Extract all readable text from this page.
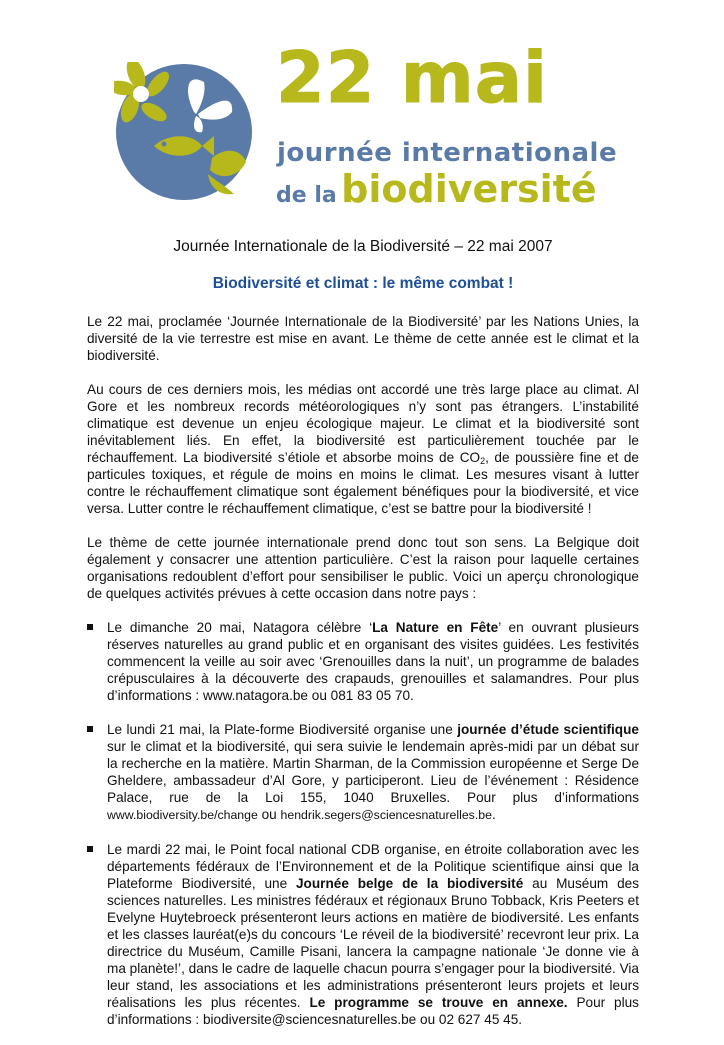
22 mai
journée internationale
de la biodiversité
Journée Internationale de la Biodiversité – 22 mai 2007
Biodiversité et climat : le même combat !

Le 22 mai, proclamée ‘Journée Internationale de la Biodiversité’ par les Nations Unies, la diversité de la vie terrestre est mise en avant. Le thème de cette année est le climat et la biodiversité.

Au cours de ces derniers mois, les médias ont accordé une très large place au climat. Al Gore et les nombreux records météorologiques n’y sont pas étrangers. L’instabilité climatique est devenue un enjeu écologique majeur. Le climat et la biodiversité sont inévitablement liés. En effet, la biodiversité est particulièrement touchée par le réchauffement. La biodiversité s’étiole et absorbe moins de $CO_2$, de poussière fine et de particules toxiques, et régule de moins en moins le climat. Les mesures visant à lutter contre le réchauffement climatique sont également bénéfiques pour la biodiversité, et vice versa. Lutter contre le réchauffement climatique, c’est se battre pour la biodiversité !

Le thème de cette journée internationale prend donc tout son sens. La Belgique doit également y consacrer une attention particulière. C’est la raison pour laquelle certaines organisations redoublent d’effort pour sensibiliser le public. Voici un aperçu chronologique de quelques activités prévues à cette occasion dans notre pays :

Le dimanche 20 mai, Natagora célèbre ‘La Nature en Fête’ en ouvrant plusieurs réserves naturelles au grand public et en organisant des visites guidées. Les festivités commencent la veille au soir avec ‘Grenouilles dans la nuit’, un programme de balades crépusculaires à la découverte des crapauds, grenouilles et salamandres. Pour plus d’informations : www.natagora.be ou 081 83 05 70.
Le lundi 21 mai, la Plate-forme Biodiversité organise une journée d’étude scientifique sur le climat et la biodiversité, qui sera suivie le lendemain après-midi par un débat sur la recherche en la matière. Martin Sharman, de la Commission européenne et Serge De Gheldere, ambassadeur d’Al Gore, y participeront. Lieu de l’événement : Résidence Palace, rue de la Loi 155, 1040 Bruxelles. Pour plus d’informations www.biodiversity.be/change ou hendrik.segers@sciencesnaturelles.be.
Le mardi 22 mai, le Point focal national CDB organise, en étroite collaboration avec les départements fédéraux de l’Environnement et de la Politique scientifique ainsi que la Plateforme Biodiversité, une Journée belge de la biodiversité au Muséum des sciences naturelles. Les ministres fédéraux et régionaux Bruno Tobback, Kris Peeters et Evelyne Huytebroeck présenteront leurs actions en matière de biodiversité. Les enfants et les classes lauréat(e)s du concours ‘Le réveil de la biodiversité’ recevront leur prix. La directrice du Muséum, Camille Pisani, lancera la campagne nationale ‘Je donne vie à ma planète!’, dans le cadre de laquelle chacun pourra s’engager pour la biodiversité. Via leur stand, les associations et les administrations présenteront leurs projets et leurs réalisations les plus récentes. Le programme se trouve en annexe. Pour plus d’informations : biodiversite@sciencesnaturelles.be ou 02 627 45 45.
